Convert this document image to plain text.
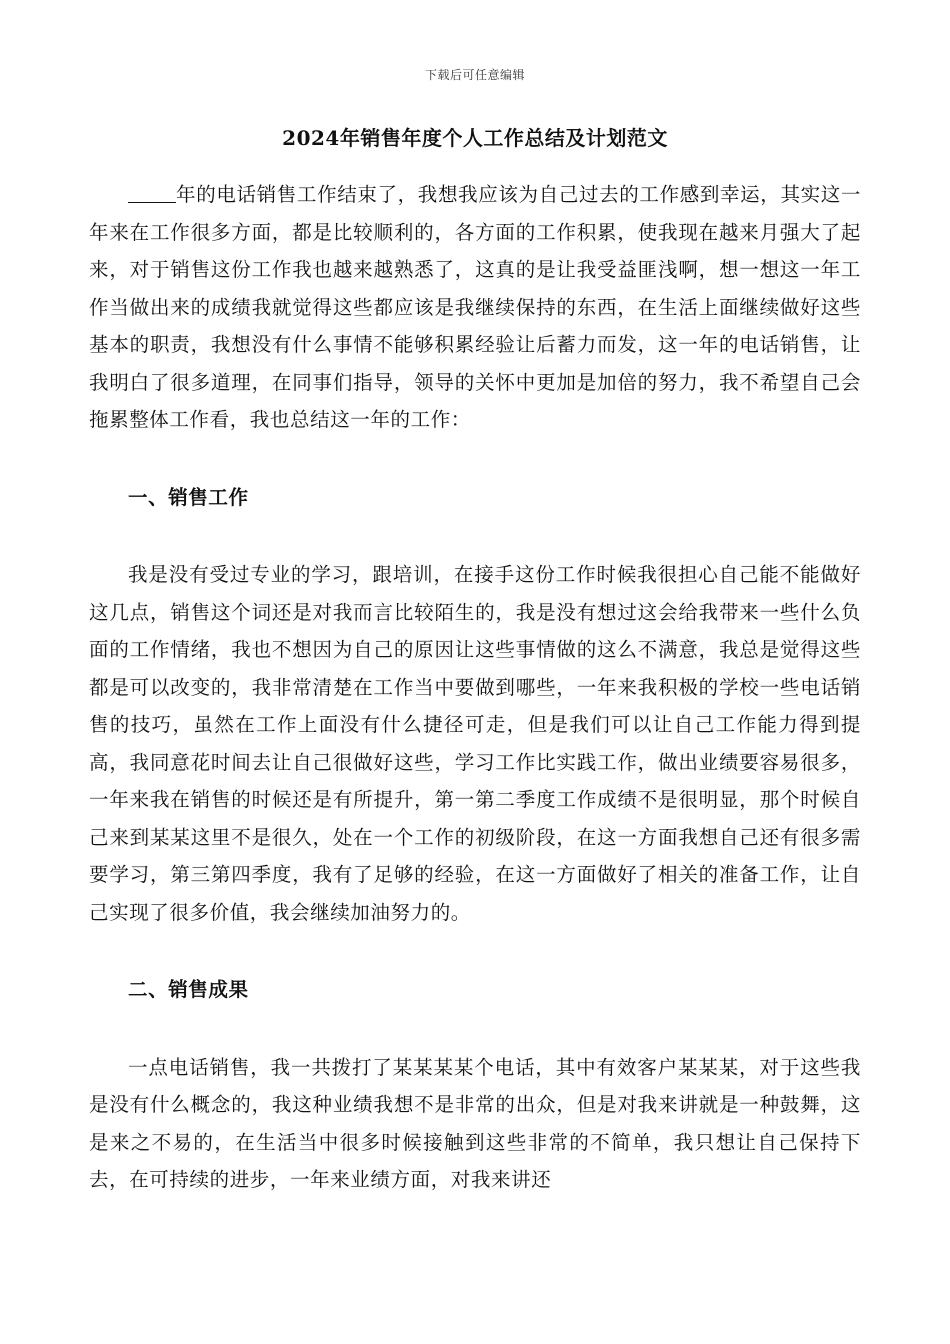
下载后可任意编辑
2024年销售年度个人工作总结及计划范文

年的电话销售工作结束了，我想我应该为自己过去的工作感到幸运，其实这一年来在工作很多方面，都是比较顺利的，各方面的工作积累，使我现在越来月强大了起来，对于销售这份工作我也越来越熟悉了，这真的是让我受益匪浅啊，想一想这一年工作当做出来的成绩我就觉得这些都应该是我继续保持的东西，在生活上面继续做好这些基本的职责，我想没有什么事情不能够积累经验让后蓄力而发，这一年的电话销售，让我明白了很多道理，在同事们指导，领导的关怀中更加是加倍的努力，我不希望自己会拖累整体工作看，我也总结这一年的工作：

一、销售工作

我是没有受过专业的学习，跟培训，在接手这份工作时候我很担心自己能不能做好这几点，销售这个词还是对我而言比较陌生的，我是没有想过这会给我带来一些什么负面的工作情绪，我也不想因为自己的原因让这些事情做的这么不满意，我总是觉得这些都是可以改变的，我非常清楚在工作当中要做到哪些，一年来我积极的学校一些电话销售的技巧，虽然在工作上面没有什么捷径可走，但是我们可以让自己工作能力得到提高，我同意花时间去让自己很做好这些，学习工作比实践工作，做出业绩要容易很多，一年来我在销售的时候还是有所提升，第一第二季度工作成绩不是很明显，那个时候自己来到某某这里不是很久，处在一个工作的初级阶段，在这一方面我想自己还有很多需要学习，第三第四季度，我有了足够的经验，在这一方面做好了相关的准备工作，让自己实现了很多价值，我会继续加油努力的。

二、销售成果

一点电话销售，我一共拨打了某某某某个电话，其中有效客户某某某，对于这些我是没有什么概念的，我这种业绩我想不是非常的出众，但是对我来讲就是一种鼓舞，这是来之不易的，在生活当中很多时候接触到这些非常的不简单，我只想让自己保持下去，在可持续的进步，一年来业绩方面，对我来讲还
